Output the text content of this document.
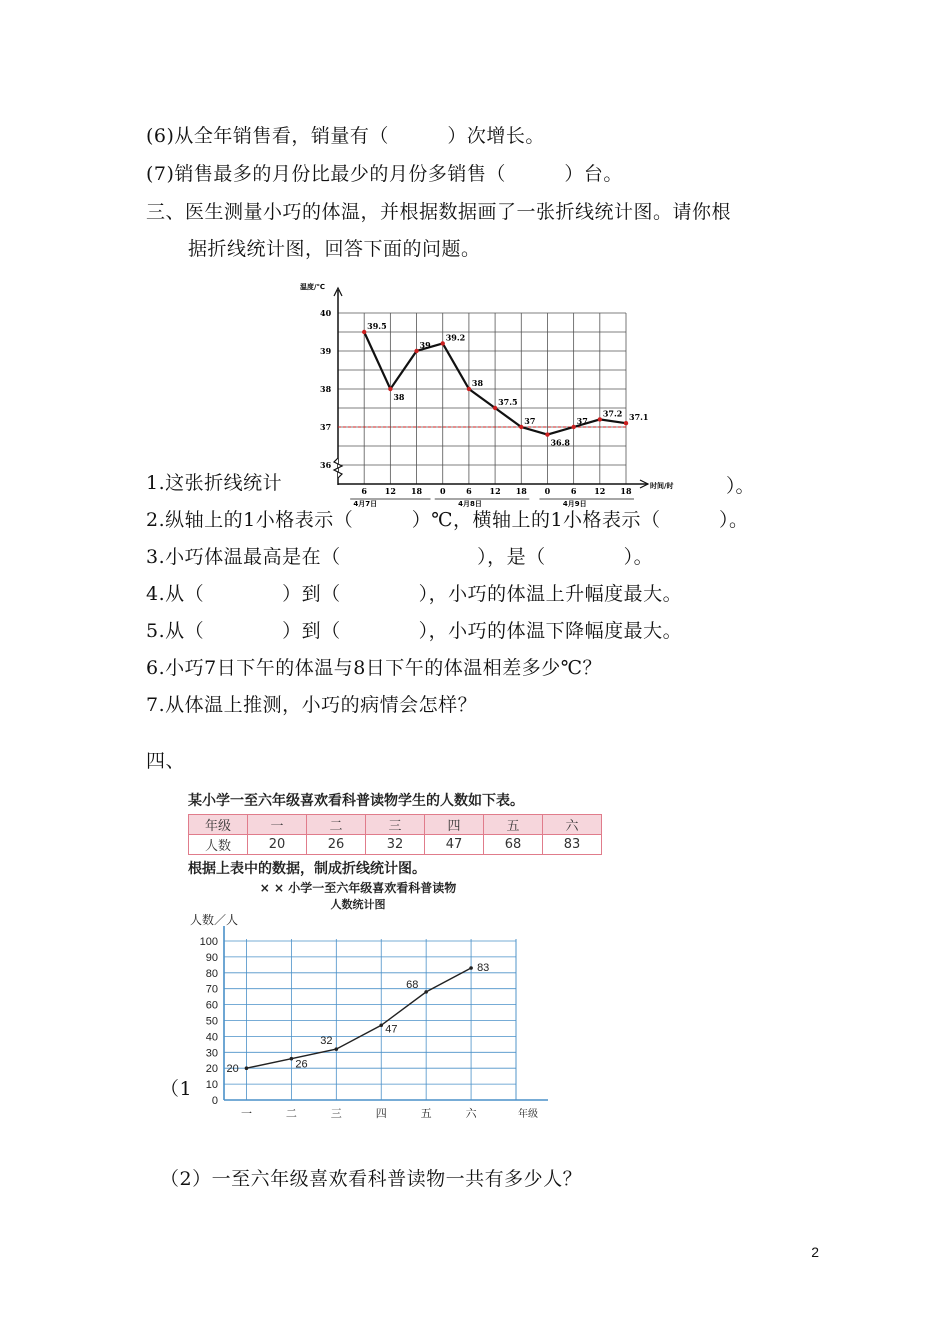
(6)从全年销售看，销量有（　　　）次增长。
(7)销售最多的月份比最少的月份多销售（　　　）台。
三、医生测量小巧的体温，并根据数据画了一张折线统计图。请你根
据折线统计图，回答下面的问题。
36
37
38
39
40
温度/℃
时间/时
6 12 18 0	6 12 18 0	6 12 18
4月7日	4月8日	4月9日
39.5
38
39
39.2
38
37.5
37
36.8
37
37.2 37.1
1.这张折线统计	）。
2.纵轴上的1小格表示（　　　）℃，横轴上的1小格表示（　　　）。
3.小巧体温最高是在（　　　　　　　），是（　　　　）。
4.从（　　　　）到（　　　　），小巧的体温上升幅度最大。
5.从（　　　　）到（　　　　），小巧的体温下降幅度最大。
6.小巧7日下午的体温与8日下午的体温相差多少℃？
7.从体温上推测，小巧的病情会怎样？
四、
某小学一至六年级喜欢看科普读物学生的人数如下表。
年级	一	二	三	四	五	六
人数	20	26	32	47	68	83
根据上表中的数据，制成折线统计图。
× × 小学一至六年级喜欢看科普读物
人数统计图
人数／人
0
10
20
30
40
50
60
70
80
90
100
一	二	三	四	五	六	年级
20	26
32
47
68
83
（1
（2）一至六年级喜欢看科普读物一共有多少人？
2
